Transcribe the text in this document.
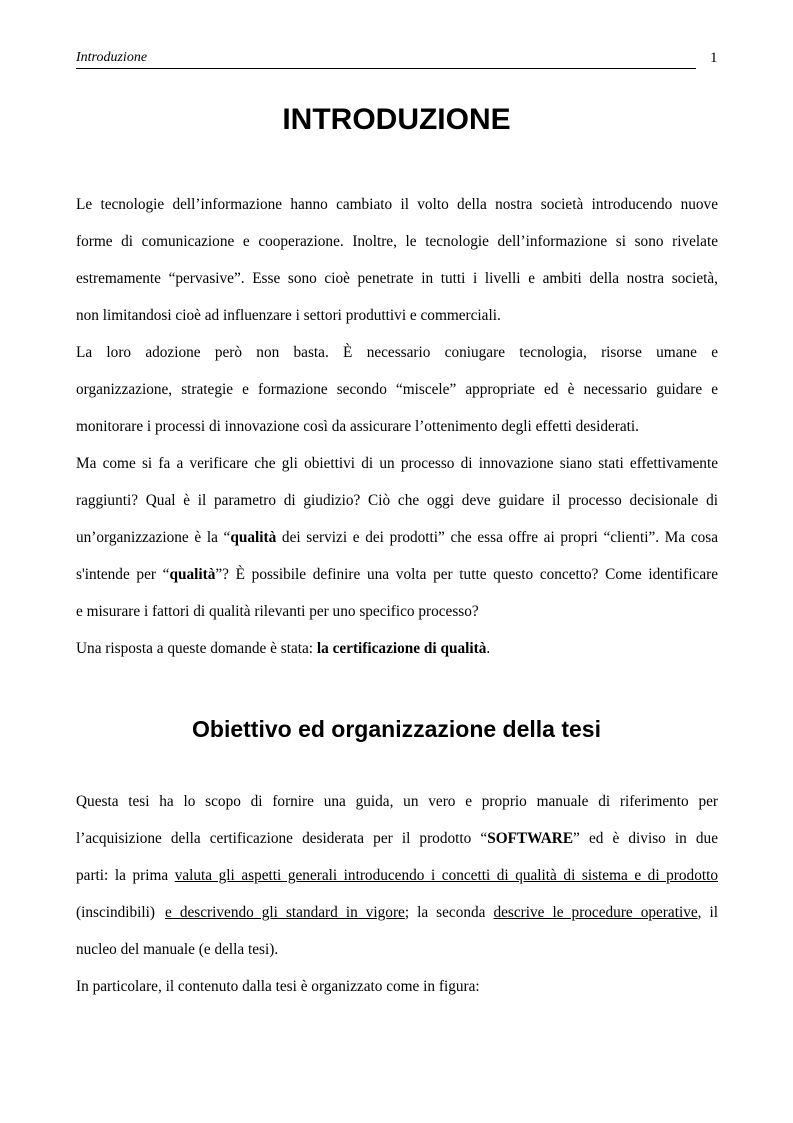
Introduzione	1
INTRODUZIONE

Le tecnologie dell’informazione hanno cambiato il volto della nostra società introducendo nuove
forme di comunicazione e cooperazione. Inoltre, le tecnologie dell’informazione si sono rivelate
estremamente “pervasive”. Esse sono cioè penetrate in tutti i livelli e ambiti della nostra società,
non limitandosi cioè ad influenzare i settori produttivi e commerciali.

La loro adozione però non basta. È necessario coniugare tecnologia, risorse umane e
organizzazione, strategie e formazione secondo “miscele” appropriate ed è necessario guidare e
monitorare i processi di innovazione così da assicurare l’ottenimento degli effetti desiderati.

Ma come si fa a verificare che gli obiettivi di un processo di innovazione siano stati effettivamente
raggiunti? Qual è il parametro di giudizio? Ciò che oggi deve guidare il processo decisionale di
un’organizzazione è la “qualità dei servizi e dei prodotti” che essa offre ai propri “clienti”. Ma cosa
s'intende per “qualità”? È possibile definire una volta per tutte questo concetto? Come identificare
e misurare i fattori di qualità rilevanti per uno specifico processo?

Una risposta a queste domande è stata: la certificazione di qualità.

Obiettivo ed organizzazione della tesi
Questa tesi ha lo scopo di fornire una guida, un vero e proprio manuale di riferimento per
l’acquisizione della certificazione desiderata per il prodotto “SOFTWARE” ed è diviso in due
parti: la prima valuta gli aspetti generali introducendo i concetti di qualità di sistema e di prodotto
(inscindibili) e descrivendo gli standard in vigore; la seconda descrive le procedure operative, il
nucleo del manuale (e della tesi).
In particolare, il contenuto dalla tesi è organizzato come in figura:
